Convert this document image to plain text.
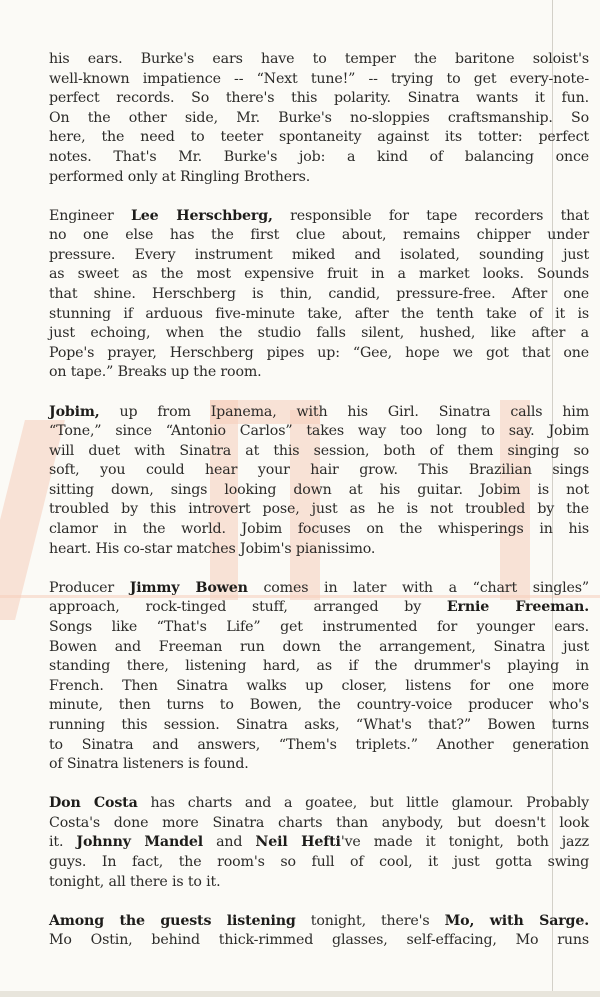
his ears. Burke's ears have to temper the baritone soloist's
well-known impatience -- “Next tune!” -- trying to get every-note-
perfect records. So there's this polarity. Sinatra wants it fun.
On the other side, Mr. Burke's no-sloppies craftsmanship. So
here, the need to teeter spontaneity against its totter: perfect
notes. That's Mr. Burke's job: a kind of balancing once
performed only at Ringling Brothers.
Engineer Lee Herschberg, responsible for tape recorders that
no one else has the first clue about, remains chipper under
pressure. Every instrument miked and isolated, sounding just
as sweet as the most expensive fruit in a market looks. Sounds
that shine. Herschberg is thin, candid, pressure-free. After one
stunning if arduous five-minute take, after the tenth take of it is
just echoing, when the studio falls silent, hushed, like after a
Pope's prayer, Herschberg pipes up: “Gee, hope we got that one
on tape.” Breaks up the room.
Jobim, up from Ipanema, with his Girl. Sinatra calls him
“Tone,” since “Antonio Carlos” takes way too long to say. Jobim
will duet with Sinatra at this session, both of them singing so
soft, you could hear your hair grow. This Brazilian sings
sitting down, sings looking down at his guitar. Jobim is not
troubled by this introvert pose, just as he is not troubled by the
clamor in the world. Jobim focuses on the whisperings in his
heart. His co-star matches Jobim's pianissimo.
Producer Jimmy Bowen comes in later with a “chart singles”
approach, rock-tinged stuff, arranged by Ernie Freeman.
Songs like “That's Life” get instrumented for younger ears.
Bowen and Freeman run down the arrangement, Sinatra just
standing there, listening hard, as if the drummer's playing in
French. Then Sinatra walks up closer, listens for one more
minute, then turns to Bowen, the country-voice producer who's
running this session. Sinatra asks, “What's that?” Bowen turns
to Sinatra and answers, “Them's triplets.” Another generation
of Sinatra listeners is found.
Don Costa has charts and a goatee, but little glamour. Probably
Costa's done more Sinatra charts than anybody, but doesn't look
it. Johnny Mandel and Neil Hefti've made it tonight, both jazz
guys. In fact, the room's so full of cool, it just gotta swing
tonight, all there is to it.
Among the guests listening tonight, there's Mo, with Sarge.
Mo Ostin, behind thick-rimmed glasses, self-effacing, Mo runs
